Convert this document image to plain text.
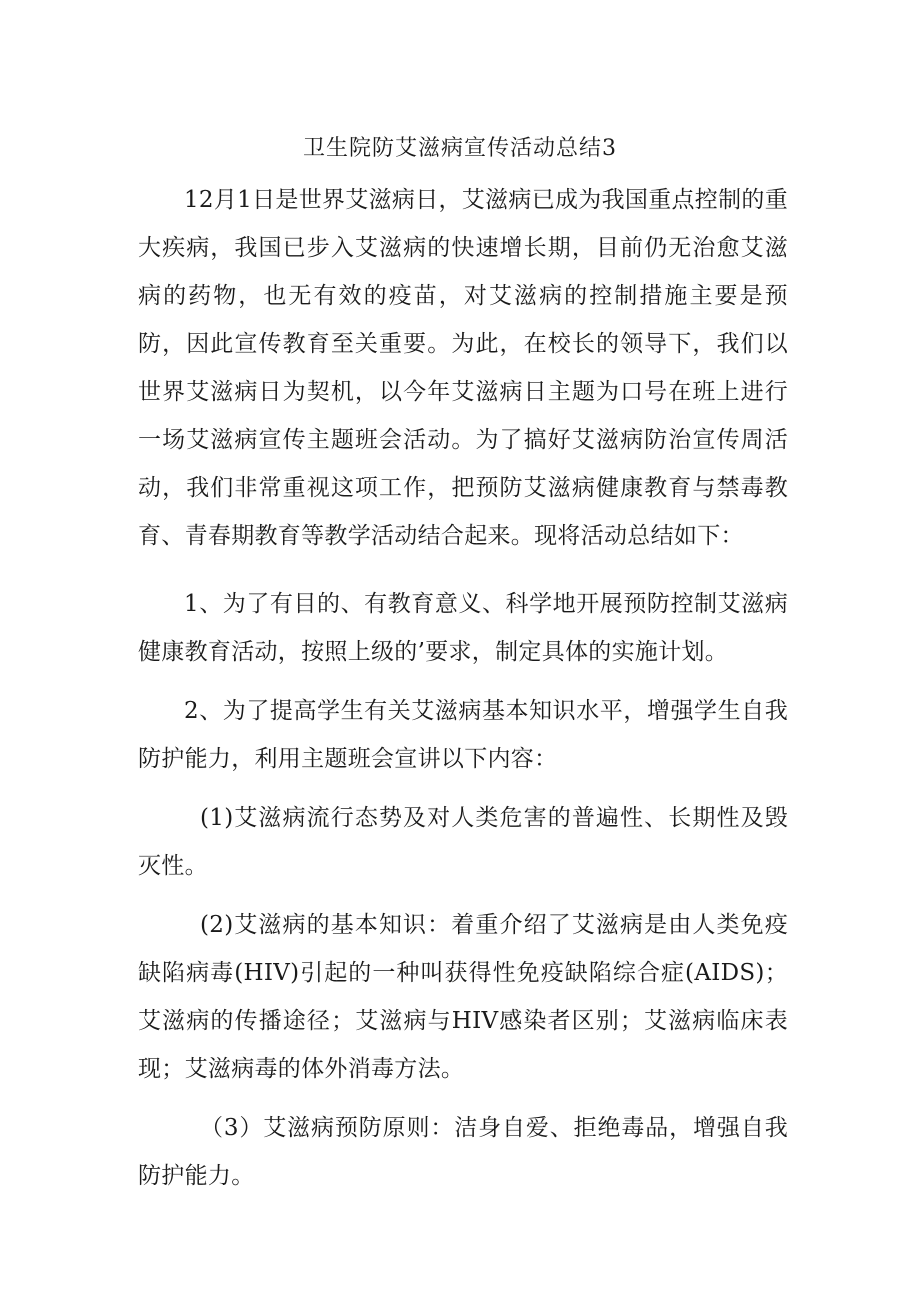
卫生院防艾滋病宣传活动总结3
12月1日是世界艾滋病日，艾滋病已成为我国重点控制的重大疾病，我国已步入艾滋病的快速增长期，目前仍无治愈艾滋病的药物，也无有效的疫苗，对艾滋病的控制措施主要是预防，因此宣传教育至关重要。为此，在校长的领导下，我们以世界艾滋病日为契机，以今年艾滋病日主题为口号在班上进行一场艾滋病宣传主题班会活动。为了搞好艾滋病防治宣传周活动，我们非常重视这项工作，把预防艾滋病健康教育与禁毒教育、青春期教育等教学活动结合起来。现将活动总结如下：
1、为了有目的、有教育意义、科学地开展预防控制艾滋病健康教育活动，按照上级的’要求，制定具体的实施计划。
2、为了提高学生有关艾滋病基本知识水平，增强学生自我防护能力，利用主题班会宣讲以下内容：
(1)艾滋病流行态势及对人类危害的普遍性、长期性及毁灭性。
(2)艾滋病的基本知识：着重介绍了艾滋病是由人类免疫缺陷病毒(HIV)引起的一种叫获得性免疫缺陷综合症(AIDS)；艾滋病的传播途径；艾滋病与HIV感染者区别；艾滋病临床表现；艾滋病毒的体外消毒方法。
（3）艾滋病预防原则：洁身自爱、拒绝毒品，增强自我防护能力。
